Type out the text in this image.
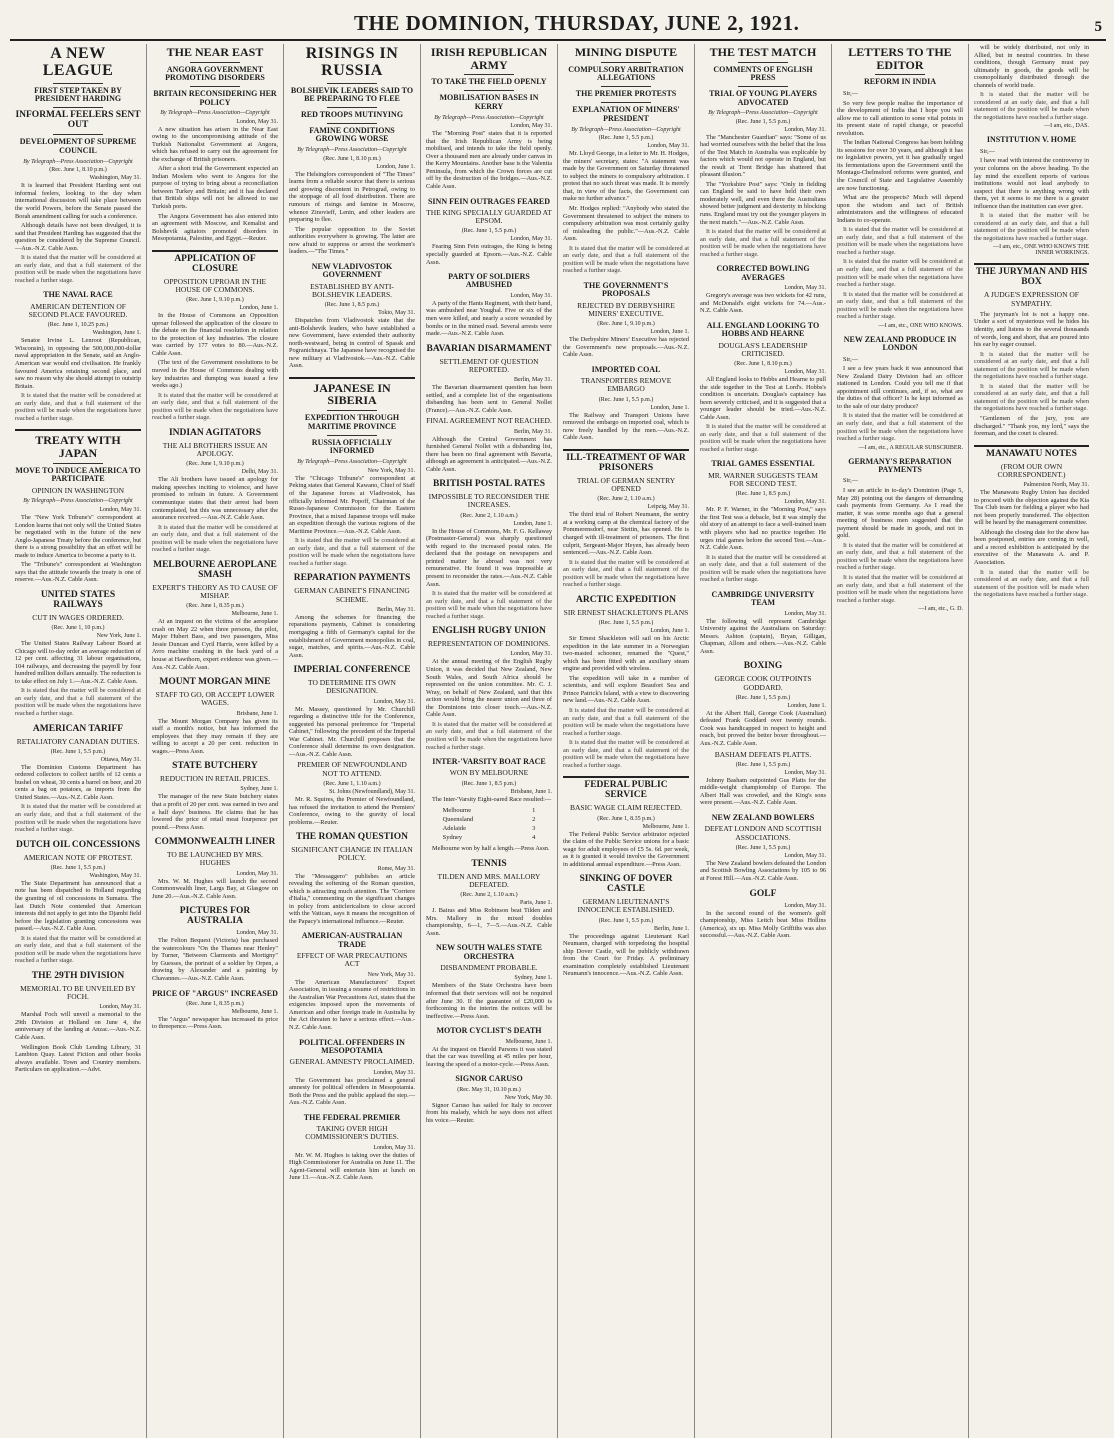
THE DOMINION, THURSDAY, JUNE 2, 1921.	5
A NEW LEAGUE
FIRST STEP TAKEN BY PRESIDENT HARDING
INFORMAL FEELERS SENT OUT
DEVELOPMENT OF SUPREME COUNCIL
By Telegraph—Press Association—Copyright
(Rec. June 1, 8.10 p.m.)
Washington, May 31.

It is learned that President Harding sent out informal feelers, looking to the day when international discussion will take place between the world Powers, before the Senate passed the Borah amendment calling for such a conference.

Although details have not been divulged, it is said that President Harding has suggested that the question be considered by the Supreme Council.—Aus.-N.Z. Cable Assn.

It is stated that the matter will be considered at an early date, and that a full statement of the position will be made when the negotiations have reached a further stage.

THE NAVAL RACE
AMERICAN DETENTION OF SECOND PLACE FAVOURED.
(Rec. June 1, 10.25 p.m.)
Washington, June 1.

Senator Irvine L. Lenroot (Republican, Wisconsin), in opposing the 500,000,000-dollar naval appropriation in the Senate, said an Anglo-American war would end civilisation. He frankly favoured America retaining second place, and saw no reason why she should attempt to outstrip Britain.

It is stated that the matter will be considered at an early date, and that a full statement of the position will be made when the negotiations have reached a further stage.

TREATY WITH JAPAN
MOVE TO INDUCE AMERICA TO PARTICIPATE
OPINION IN WASHINGTON
By Telegraph—Press Association—Copyright
London, May 31.

The "New York Tribune's" correspondent at London learns that not only will the United States be negotiated with in the future of the new Anglo-Japanese Treaty before the conference, but there is a strong possibility that an effort will be made to induce America to become a party to it.

The "Tribune's" correspondent at Washington says that the attitude towards the treaty is one of reserve.—Aus.-N.Z. Cable Assn.

UNITED STATES RAILWAYS
CUT IN WAGES ORDERED.
(Rec. June 1, 10 p.m.)
New York, June 1.

The United States Railway Labour Board at Chicago will to-day order an average reduction of 12 per cent. affecting 31 labour organisations, 104 railways, and decreasing the payroll by four hundred million dollars annually. The reduction is to take effect on July 1.—Aus.-N.Z. Cable Assn.

It is stated that the matter will be considered at an early date, and that a full statement of the position will be made when the negotiations have reached a further stage.

AMERICAN TARIFF
RETALIATORY CANADIAN DUTIES.
(Rec. June 1, 5.5 p.m.)
Ottawa, May 31.

The Dominion Customs Department has ordered collectors to collect tariffs of 12 cents a bushel on wheat, 30 cents a barrel on beer, and 20 cents a bag on potatoes, as imports from the United States.—Aus.-N.Z. Cable Assn.

It is stated that the matter will be considered at an early date, and that a full statement of the position will be made when the negotiations have reached a further stage.

DUTCH OIL CONCESSIONS
AMERICAN NOTE OF PROTEST.
(Rec. June 1, 5.5 p.m.)
Washington, May 31.

The State Department has announced that a note has been dispatched to Holland regarding the granting of oil concessions in Sumatra. The last Dutch Note contended that American interests did not apply to get into the Djambi field before the legislation granting concessions was passed.—Aus.-N.Z. Cable Assn.

It is stated that the matter will be considered at an early date, and that a full statement of the position will be made when the negotiations have reached a further stage.

THE 29TH DIVISION
MEMORIAL TO BE UNVEILED BY FOCH.
London, May 31.

Marshal Foch will unveil a memorial to the 29th Division at Holland on June 4, the anniversary of the landing at Anzac.—Aus.-N.Z. Cable Assn.

Wellington Book Club Lending Library, 31 Lambton Quay. Latest Fiction and other books always available. Town and Country members. Particulars on application.—Advt.

THE NEAR EAST
ANGORA GOVERNMENT PROMOTING DISORDERS
BRITAIN RECONSIDERING HER POLICY
By Telegraph—Press Association—Copyright
London, May 31.

A new situation has arisen in the Near East owing to the uncompromising attitude of the Turkish Nationalist Government at Angora, which has refused to carry out the agreement for the exchange of British prisoners.

After a short trial the Government expected an Indian Moslem who went to Angora for the purpose of trying to bring about a reconciliation between Turkey and Britain; and it has declared that British ships will not be allowed to use Turkish ports.

The Angora Government has also entered into an agreement with Moscow, and Kemalist and Bolshevik agitators promoted disorders in Mesopotamia, Palestine, and Egypt.—Reuter.

APPLICATION OF CLOSURE
OPPOSITION UPROAR IN THE HOUSE OF COMMONS.
(Rec. June 1, 9.10 p.m.)
London, June 1.

In the House of Commons an Opposition uproar followed the application of the closure to the debate on the financial resolution in relation to the protection of key industries. The closure was carried by 177 votes to 80.—Aus.-N.Z. Cable Assn.

(The text of the Government resolutions to be moved in the House of Commons dealing with key industries and dumping was issued a few weeks ago.)

It is stated that the matter will be considered at an early date, and that a full statement of the position will be made when the negotiations have reached a further stage.

INDIAN AGITATORS
THE ALI BROTHERS ISSUE AN APOLOGY.
(Rec. June 1, 9.10 p.m.)
Delhi, May 31.

The Ali brothers have issued an apology for making speeches inciting to violence, and have promised to refrain in future. A Government communique states that their arrest had been contemplated, but this was unnecessary after the assurance received.—Aus.-N.Z. Cable Assn.

It is stated that the matter will be considered at an early date, and that a full statement of the position will be made when the negotiations have reached a further stage.

MELBOURNE AEROPLANE SMASH
EXPERT'S THEORY AS TO CAUSE OF MISHAP.
(Rec. June 1, 8.35 p.m.)
Melbourne, June 1.

At an inquest on the victims of the aeroplane crash on May 22 when three persons, the pilot, Major Hubert Bass, and two passengers, Miss Jessie Duncan and Cyril Harris, were killed by a Avro machine crashing in the back yard of a house at Hawthorn, expert evidence was given.—Aus.-N.Z. Cable Assn.

MOUNT MORGAN MINE
STAFF TO GO, OR ACCEPT LOWER WAGES.
Brisbane, June 1.

The Mount Morgan Company has given its staff a month's notice, but has informed the employees that they may remain if they are willing to accept a 20 per cent. reduction in wages.—Press Assn.

STATE BUTCHERY
REDUCTION IN RETAIL PRICES.
Sydney, June 1.

The manager of the new State butchery states that a profit of 20 per cent. was earned in two and a half days' business. He claims that he has lowered the price of retail meat fourpence per pound.—Press Assn.

COMMONWEALTH LINER
TO BE LAUNCHED BY MRS. HUGHES
London, May 31.

Mrs. W. M. Hughes will launch the second Commonwealth liner, Largs Bay, at Glasgow on June 20.—Aus.-N.Z. Cable Assn.

PICTURES FOR AUSTRALIA
London, May 31.

The Felton Bequest (Victoria) has purchased the watercolours "On the Thames near Henley" by Turner, "Between Clarmonts and Mortigny" by Guesses, the portrait of a soldier by Orpen, a drawing by Alexander and a painting by Chavannes.—Aus.-N.Z. Cable Assn.

PRICE OF "ARGUS" INCREASED
(Rec. June 1, 8.35 p.m.)
Melbourne, June 1.

The "Argus" newspaper has increased its price to threepence.—Press Assn.

RISINGS IN RUSSIA
BOLSHEVIK LEADERS SAID TO BE PREPARING TO FLEE
RED TROOPS MUTINYING
FAMINE CONDITIONS GROWING WORSE
By Telegraph—Press Association—Copyright
(Rec. June 1, 8.10 p.m.)
London, June 1.

The Helsingfors correspondent of "The Times" learns from a reliable source that there is serious and growing discontent in Petrograd, owing to the stoppage of all food distribution. There are rumours of risings and famine in Moscow, whence Zinovieff, Lenin, and other leaders are preparing to flee.

The popular opposition to the Soviet authorities everywhere is growing. The latter are now afraid to suppress or arrest the workmen's leaders.—"The Times."

NEW VLADIVOSTOK GOVERNMENT
ESTABLISHED BY ANTI-BOLSHEVIK LEADERS.
(Rec. June 1, 8.5 p.m.)
Tokio, May 31.

Dispatches from Vladivostok state that the anti-Bolshevik leaders, who have established a new Government, have extended their authority north-westward, being in control of Spassk and Pogranichnaya. The Japanese have recognised the new military at Vladivostok.—Aus.-N.Z. Cable Assn.

JAPANESE IN SIBERIA
EXPEDITION THROUGH MARITIME PROVINCE
RUSSIA OFFICIALLY INFORMED
By Telegraph—Press Association—Copyright
New York, May 31.

The "Chicago Tribune's" correspondent at Peking states that General Kawano, Chief of Staff of the Japanese forces at Vladivostok, has officially informed Mr. Popoff, Chairman of the Russo-Japanese Commission for the Eastern Province, that a mixed Japanese troops will make an expedition through the various regions of the Maritime Province.—Aus.-N.Z. Cable Assn.

It is stated that the matter will be considered at an early date, and that a full statement of the position will be made when the negotiations have reached a further stage.

REPARATION PAYMENTS
GERMAN CABINET'S FINANCING SCHEME.
Berlin, May 31.

Among the schemes for financing the reparations payments, Cabinet is considering mortgaging a fifth of Germany's capital for the establishment of Government monopolies in coal, sugar, matches, and spirits.—Aus.-N.Z. Cable Assn.

IMPERIAL CONFERENCE
TO DETERMINE ITS OWN DESIGNATION.
London, May 31.

Mr. Massey, questioned by Mr. Churchill regarding a distinctive title for the Conference, suggested his personal preference for "Imperial Cabinet," following the precedent of the Imperial War Cabinet. Mr. Churchill proposes that the Conference shall determine its own designation.—Aus.-N.Z. Cable Assn.

PREMIER OF NEWFOUNDLAND NOT TO ATTEND.
(Rec. June 1, 1.10 a.m.)
St. Johns (Newfoundland), May 31.

Mr. R. Squires, the Premier of Newfoundland, has refused the invitation to attend the Premiers' Conference, owing to the gravity of local problems.—Reuter.

THE ROMAN QUESTION
SIGNIFICANT CHANGE IN ITALIAN POLICY.
Rome, May 31.

The "Messaggero" publishes an article revealing the softening of the Roman question, which is attracting much attention. The "Corriere d'Italia," commenting on the significant changes in policy from anticlericalism to close accord with the Vatican, says it means the recognition of the Papacy's international influence.—Reuter.

AMERICAN-AUSTRALIAN TRADE
EFFECT OF WAR PRECAUTIONS ACT
New York, May 31.

The American Manufacturers' Export Association, in issuing a resume of restrictions in the Australian War Precautions Act, states that the exigencies imposed upon the movements of American and other foreign trade in Australia by the Act threaten to have a serious effect.—Aus.-N.Z. Cable Assn.

POLITICAL OFFENDERS IN MESOPOTAMIA
GENERAL AMNESTY PROCLAIMED.
London, May 31.

The Government has proclaimed a general amnesty for political offenders in Mesopotamia. Both the Press and the public applaud the step.—Aus.-N.Z. Cable Assn.

THE FEDERAL PREMIER
TAKING OVER HIGH COMMISSIONER'S DUTIES.
London, May 31.

Mr. W. M. Hughes is taking over the duties of High Commissioner for Australia on June 11. The Agent-General will entertain him at lunch on June 13.—Aus.-N.Z. Cable Assn.

IRISH REPUBLICAN ARMY
TO TAKE THE FIELD OPENLY
MOBILISATION BASES IN KERRY
By Telegraph—Press Association—Copyright
London, May 31.

The "Morning Post" states that it is reported that the Irish Republican Army is being mobilised, and intends to take the field openly. Over a thousand men are already under canvas in the Kerry Mountains. Another base is the Valentia Peninsula, from which the Crown forces are cut off by the destruction of the bridges.—Aus.-N.Z. Cable Assn.

SINN FEIN OUTRAGES FEARED
THE KING SPECIALLY GUARDED AT EPSOM.
(Rec. June 1, 5.5 p.m.)
London, May 31.

Fearing Sinn Fein outrages, the King is being specially guarded at Epsom.—Aus.-N.Z. Cable Assn.

PARTY OF SOLDIERS AMBUSHED
London, May 31.

A party of the Hants Regiment, with their band, was ambushed near Youghal. Five or six of the men were killed, and nearly a score wounded by bombs or in the mined road. Several arrests were made.—Aus.-N.Z. Cable Assn.

BAVARIAN DISARMAMENT
SETTLEMENT OF QUESTION REPORTED.
Berlin, May 31.

The Bavarian disarmament question has been settled, and a complete list of the organisations disbanding has been sent to General Nollet (France).—Aus.-N.Z. Cable Assn.

FINAL AGREEMENT NOT REACHED.
Berlin, May 31.

Although the Central Government has furnished General Nollet with a disbanding list, there has been no final agreement with Bavaria, although an agreement is anticipated.—Aus.-N.Z. Cable Assn.

BRITISH POSTAL RATES
IMPOSSIBLE TO RECONSIDER THE INCREASES.
(Rec. June 2, 1.10 a.m.)
London, June 1.

In the House of Commons, Mr. F. G. Kellaway (Postmaster-General) was sharply questioned with regard to the increased postal rates. He declared that the postage on newspapers and printed matter he abroad was not very remunerative. He found it was impossible at present to reconsider the rates.—Aus.-N.Z. Cable Assn.

It is stated that the matter will be considered at an early date, and that a full statement of the position will be made when the negotiations have reached a further stage.

ENGLISH RUGBY UNION
REPRESENTATION OF DOMINIONS.
London, May 31.

At the annual meeting of the English Rugby Union, it was decided that New Zealand, New South Wales, and South Africa should be represented on the union committee. Mr. C. J. Wray, on behalf of New Zealand, said that this action would bring the nearer union and three of the Dominions into closer touch.—Aus.-N.Z. Cable Assn.

It is stated that the matter will be considered at an early date, and that a full statement of the position will be made when the negotiations have reached a further stage.

INTER-'VARSITY BOAT RACE
WON BY MELBOURNE
(Rec. June 1, 8.5 p.m.)
Brisbane, June 1.

The Inter-'Varsity Eight-oared Race resulted:—

Melbourne	1
Queensland	2
Adelaide	3
Sydney	4

Melbourne won by half a length.—Press Assn.

TENNIS
TILDEN AND MRS. MALLORY DEFEATED.
(Rec. June 2, 1.10 a.m.)
Paris, June 1.

J. Bairas and Miss Robinson beat Tilden and Mrs. Mallory in the mixed doubles championship, 6—1, 7—5.—Aus.-N.Z. Cable Assn.

NEW SOUTH WALES STATE ORCHESTRA
DISBANDMENT PROBABLE.
Sydney, June 1.

Members of the State Orchestra have been informed that their services will not be required after June 30. If the guarantee of £20,000 is forthcoming in the interim the notices will be ineffective.—Press Assn.

MOTOR CYCLIST'S DEATH
Melbourne, June 1.

At the inquest on Harold Parsons it was stated that the car was travelling at 45 miles per hour, leaving the speed of a motor-cycle.—Press Assn.

SIGNOR CARUSO
(Rec. May 31, 10.10 p.m.)
New York, May 30.

Signor Caruso has sailed for Italy to recover from his malady, which he says does not affect his voice.—Reuter.

MINING DISPUTE
COMPULSORY ARBITRATION ALLEGATIONS
THE PREMIER PROTESTS
EXPLANATION OF MINERS' PRESIDENT
By Telegraph—Press Association—Copyright
(Rec. June 1, 5.5 p.m.)
London, May 31.

Mr. Lloyd George, in a letter to Mr. H. Hodges, the miners' secretary, states: "A statement was made by the Government on Saturday threatened to subject the miners to compulsory arbitration. I protest that no such threat was made. It is merely that, in view of the facts, the Government can make no further advance."

Mr. Hodges replied: "Anybody who stated the Government threatened to subject the miners to compulsory arbitration was most certainly guilty of misleading the public."—Aus.-N.Z. Cable Assn.

It is stated that the matter will be considered at an early date, and that a full statement of the position will be made when the negotiations have reached a further stage.

THE GOVERNMENT'S PROPOSALS
REJECTED BY DERBYSHIRE MINERS' EXECUTIVE.
(Rec. June 1, 9.10 p.m.)
London, June 1.

The Derbyshire Miners' Executive has rejected the Government's new proposals.—Aus.-N.Z. Cable Assn.

IMPORTED COAL
TRANSPORTERS REMOVE EMBARGO
(Rec. June 1, 5.5 p.m.)
London, June 1.

The Railway and Transport Unions have removed the embargo on imported coal, which is now freely handled by the men.—Aus.-N.Z. Cable Assn.

ILL-TREATMENT OF WAR PRISONERS
TRIAL OF GERMAN SENTRY OPENED
(Rec. June 2, 1.10 a.m.)
Leipzig, May 31.

The third trial of Robert Neumann, the sentry at a working camp at the chemical factory of the Pommerensdorf, near Stettin, has opened. He is charged with ill-treatment of prisoners. The first culprit, Sergeant-Major Heyen, has already been sentenced.—Aus.-N.Z. Cable Assn.

It is stated that the matter will be considered at an early date, and that a full statement of the position will be made when the negotiations have reached a further stage.

ARCTIC EXPEDITION
SIR ERNEST SHACKLETON'S PLANS
(Rec. June 1, 5.5 p.m.)
London, June 1.

Sir Ernest Shackleton will sail on his Arctic expedition in the late summer in a Norwegian two-masted schooner, renamed the "Quest," which has been fitted with an auxiliary steam engine and provided with wireless.

The expedition will take in a number of scientists, and will explore Beaufort Sea and Prince Patrick's Island, with a view to discovering new land.—Aus.-N.Z. Cable Assn.

It is stated that the matter will be considered at an early date, and that a full statement of the position will be made when the negotiations have reached a further stage.

It is stated that the matter will be considered at an early date, and that a full statement of the position will be made when the negotiations have reached a further stage.

FEDERAL PUBLIC SERVICE
BASIC WAGE CLAIM REJECTED.
(Rec. June 1, 8.35 p.m.)
Melbourne, June 1.

The Federal Public Service arbitrator rejected the claim of the Public Service unions for a basic wage for adult employees of £5 5s. 6d. per week, as it is granted it would involve the Government in additional annual expenditure.—Press Assn.

SINKING OF DOVER CASTLE
GERMAN LIEUTENANT'S INNOCENCE ESTABLISHED.
(Rec. June 1, 5.5 p.m.)
Berlin, June 1.

The proceedings against Lieutenant Karl Neumann, charged with torpedoing the hospital ship Dover Castle, will be publicly withdrawn from the Court for Friday. A preliminary examination completely established Lieutenant Neumann's innocence.—Aus.-N.Z. Cable Assn.

THE TEST MATCH
COMMENTS OF ENGLISH PRESS
TRIAL OF YOUNG PLAYERS ADVOCATED
By Telegraph—Press Association—Copyright
(Rec. June 1, 5.5 p.m.)
London, May 31.

The "Manchester Guardian" says: "Some of us had worried ourselves with the belief that the loss of the Test Match in Australia was explicable by factors which would not operate in England, but the result at Trent Bridge has shattered that pleasant illusion."

The "Yorkshire Post" says: "Only in fielding can England be said to have held their own moderately well, and even there the Australians showed better judgment and dexterity in blocking runs. England must try out the younger players in the next match."—Aus.-N.Z. Cable Assn.

It is stated that the matter will be considered at an early date, and that a full statement of the position will be made when the negotiations have reached a further stage.

CORRECTED BOWLING AVERAGES
London, May 31.

Gregory's average was two wickets for 42 runs, and McDonald's eight wickets for 74.—Aus.-N.Z. Cable Assn.

ALL ENGLAND LOOKING TO HOBBS AND HEARNE
DOUGLAS'S LEADERSHIP CRITICISED.
(Rec. June 1, 8.10 p.m.)
London, May 31.

All England looks to Hobbs and Hearne to pull the side together in the Test at Lord's. Hobbs's condition is uncertain. Douglas's captaincy has been severely criticised, and it is suggested that a younger leader should be tried.—Aus.-N.Z. Cable Assn.

It is stated that the matter will be considered at an early date, and that a full statement of the position will be made when the negotiations have reached a further stage.

TRIAL GAMES ESSENTIAL
MR. WARNER SUGGESTS TEAM FOR SECOND TEST.
(Rec. June 1, 8.5 p.m.)
London, May 31.

Mr. P. F. Warner, in the "Morning Post," says the first Test was a debacle, but it was simply the old story of an attempt to face a well-trained team with players who had no practice together. He urges trial games before the second Test.—Aus.-N.Z. Cable Assn.

It is stated that the matter will be considered at an early date, and that a full statement of the position will be made when the negotiations have reached a further stage.

CAMBRIDGE UNIVERSITY TEAM
London, May 31.

The following will represent Cambridge University against the Australians on Saturday: Messrs. Ashton (captain), Bryan, Gilligan, Chapman, Allom and others.—Aus.-N.Z. Cable Assn.

BOXING
GEORGE COOK OUTPOINTS GODDARD.
(Rec. June 1, 5.5 p.m.)
London, June 1.

At the Albert Hall, George Cook (Australian) defeated Frank Goddard over twenty rounds. Cook was handicapped in respect to height and reach, but proved the better boxer throughout.—Aus.-N.Z. Cable Assn.

BASHAM DEFEATS PLATTS.
(Rec. June 1, 5.5 p.m.)
London, May 31.

Johnny Basham outpointed Gus Platts for the middle-weight championship of Europe. The Albert Hall was crowded, and the King's sons were present.—Aus.-N.Z. Cable Assn.

NEW ZEALAND BOWLERS
DEFEAT LONDON AND SCOTTISH ASSOCIATIONS.
(Rec. June 1, 5.5 p.m.)
London, May 31.

The New Zealand bowlers defeated the London and Scottish Bowling Associations by 105 to 96 at Forest Hill.—Aus.-N.Z. Cable Assn.

GOLF
London, May 31.

In the second round of the women's golf championship, Miss Leitch beat Miss Hollins (America), six up. Miss Molly Griffiths was also successful.—Aus.-N.Z. Cable Assn.

LETTERS TO THE EDITOR
REFORM IN INDIA
Sir,—

So very few people realise the importance of the development of India that I hope you will allow me to call attention to some vital points in its present state of rapid change, or peaceful revolution.

The Indian National Congress has been holding its sessions for over 30 years, and although it has no legislative powers, yet it has gradually urged its fermentations upon the Government until the Montagu-Chelmsford reforms were granted, and the Council of State and Legislative Assembly are now functioning.

What are the prospects? Much will depend upon the wisdom and tact of British administrators and the willingness of educated Indians to co-operate.

It is stated that the matter will be considered at an early date, and that a full statement of the position will be made when the negotiations have reached a further stage.

It is stated that the matter will be considered at an early date, and that a full statement of the position will be made when the negotiations have reached a further stage.

It is stated that the matter will be considered at an early date, and that a full statement of the position will be made when the negotiations have reached a further stage.

—I am, etc., ONE WHO KNOWS.
NEW ZEALAND PRODUCE IN LONDON
Sir,—

I see a few years back it was announced that New Zealand Dairy Division had an officer stationed in London. Could you tell me if that appointment still continues, and, if so, what are the duties of that officer? Is he kept informed as to the sale of our dairy produce?

It is stated that the matter will be considered at an early date, and that a full statement of the position will be made when the negotiations have reached a further stage.

—I am, etc., A REGULAR SUBSCRIBER.
GERMANY'S REPARATION PAYMENTS
Sir,—

I see an article in to-day's Dominion (Page 5, May 28) pointing out the dangers of demanding cash payments from Germany. As I read the matter, it was some months ago that a general meeting of business men suggested that the payment should be made in goods, and not in gold.

It is stated that the matter will be considered at an early date, and that a full statement of the position will be made when the negotiations have reached a further stage.

It is stated that the matter will be considered at an early date, and that a full statement of the position will be made when the negotiations have reached a further stage.

—I am, etc., G. D.

will be widely distributed, not only in Allied, but in neutral countries. In these conditions, though Germany must pay ultimately in goods, the goods will be cosmopolitanly distributed through the channels of world trade.

It is stated that the matter will be considered at an early date, and that a full statement of the position will be made when the negotiations have reached a further stage.

—I am, etc., DAS.
INSTITUTION V. HOME
Sir,—

I have read with interest the controversy in your columns on the above heading. To the lay mind the excellent reports of various institutions would not lead anybody to suspect that there is anything wrong with them, yet it seems to me there is a greater influence than the institution can ever give.

It is stated that the matter will be considered at an early date, and that a full statement of the position will be made when the negotiations have reached a further stage.

—I am, etc., ONE WHO KNOWS THE INNER WORKINGS.
THE JURYMAN AND HIS BOX
A JUDGE'S EXPRESSION OF SYMPATHY.

The juryman's lot is not a happy one. Under a sort of mysterious veil he hides his identity, and listens to the several thousands of words, long and short, that are poured into his ear by eager counsel.

It is stated that the matter will be considered at an early date, and that a full statement of the position will be made when the negotiations have reached a further stage.

It is stated that the matter will be considered at an early date, and that a full statement of the position will be made when the negotiations have reached a further stage.

"Gentlemen of the jury, you are discharged." "Thank you, my lord," says the foreman, and the court is cleared.

MANAWATU NOTES
(FROM OUR OWN CORRESPONDENT.)
Palmerston North, May 31.

The Manawatu Rugby Union has decided to proceed with the objection against the Kia Toa Club team for fielding a player who had not been properly transferred. The objection will be heard by the management committee.

Although the closing date for the show has been postponed, entries are coming in well, and a record exhibition is anticipated by the executive of the Manawatu A. and P. Association.

It is stated that the matter will be considered at an early date, and that a full statement of the position will be made when the negotiations have reached a further stage.
